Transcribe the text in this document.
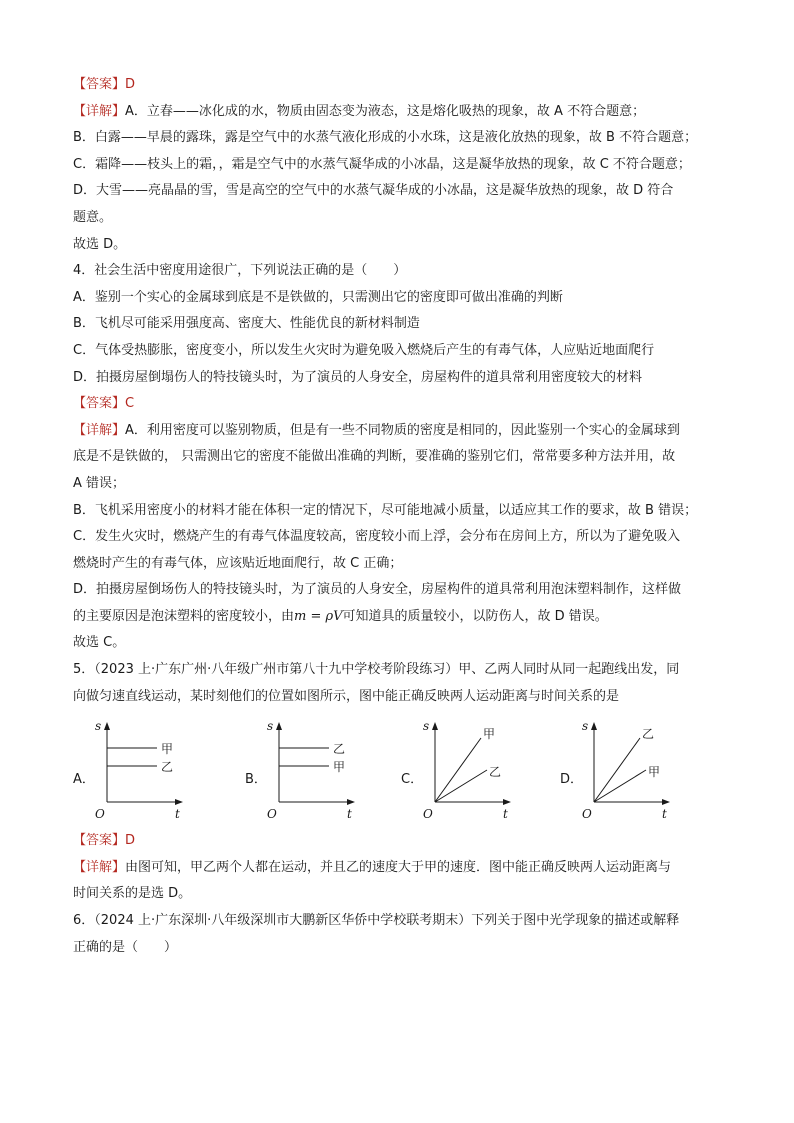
【答案】D
【详解】A．立春——冰化成的水，物质由固态变为液态，这是熔化吸热的现象，故 A 不符合题意；
B．白露——早晨的露珠，露是空气中的水蒸气液化形成的小水珠，这是液化放热的现象，故 B 不符合题意；
C．霜降——枝头上的霜，，霜是空气中的水蒸气凝华成的小冰晶，这是凝华放热的现象，故 C 不符合题意；
D．大雪——亮晶晶的雪，雪是高空的空气中的水蒸气凝华成的小冰晶，这是凝华放热的现象，故 D 符合
题意。
故选 D。
4．社会生活中密度用途很广，下列说法正确的是（　　）
A．鉴别一个实心的金属球到底是不是铁做的，只需测出它的密度即可做出准确的判断
B．飞机尽可能采用强度高、密度大、性能优良的新材料制造
C．气体受热膨胀，密度变小，所以发生火灾时为避免吸入燃烧后产生的有毒气体，人应贴近地面爬行
D．拍摄房屋倒塌伤人的特技镜头时，为了演员的人身安全，房屋构件的道具常利用密度较大的材料
【答案】C
【详解】A．利用密度可以鉴别物质，但是有一些不同物质的密度是相同的，因此鉴别一个实心的金属球到
底是不是铁做的， 只需测出它的密度不能做出准确的判断，要准确的鉴别它们，常常要多种方法并用，故
A 错误；
B．飞机采用密度小的材料才能在体积一定的情况下，尽可能地减小质量，以适应其工作的要求，故 B 错误；
C．发生火灾时，燃烧产生的有毒气体温度较高，密度较小而上浮，会分布在房间上方，所以为了避免吸入
燃烧时产生的有毒气体，应该贴近地面爬行，故 C 正确；
D．拍摄房屋倒场伤人的特技镜头时，为了演员的人身安全，房屋构件的道具常利用泡沫塑料制作，这样做
的主要原因是泡沫塑料的密度较小，由m = ρV可知道具的质量较小，以防伤人，故 D 错误。
故选 C。
5．（2023 上·广东广州·八年级广州市第八十九中学校考阶段练习）甲、乙两人同时从同一起跑线出发，同
向做匀速直线运动，某时刻他们的位置如图所示，图中能正确反映两人运动距离与时间关系的是
A．
s
t
O
甲
乙
B．
s
t
O
乙
甲
C．
s
t
O
甲
乙	D．
s
t
O
乙
甲
【答案】D
【详解】由图可知，甲乙两个人都在运动，并且乙的速度大于甲的速度．图中能正确反映两人运动距离与
时间关系的是选 D。
6．（2024 上·广东深圳·八年级深圳市大鹏新区华侨中学校联考期末）下列关于图中光学现象的描述或解释
正确的是（　　）
